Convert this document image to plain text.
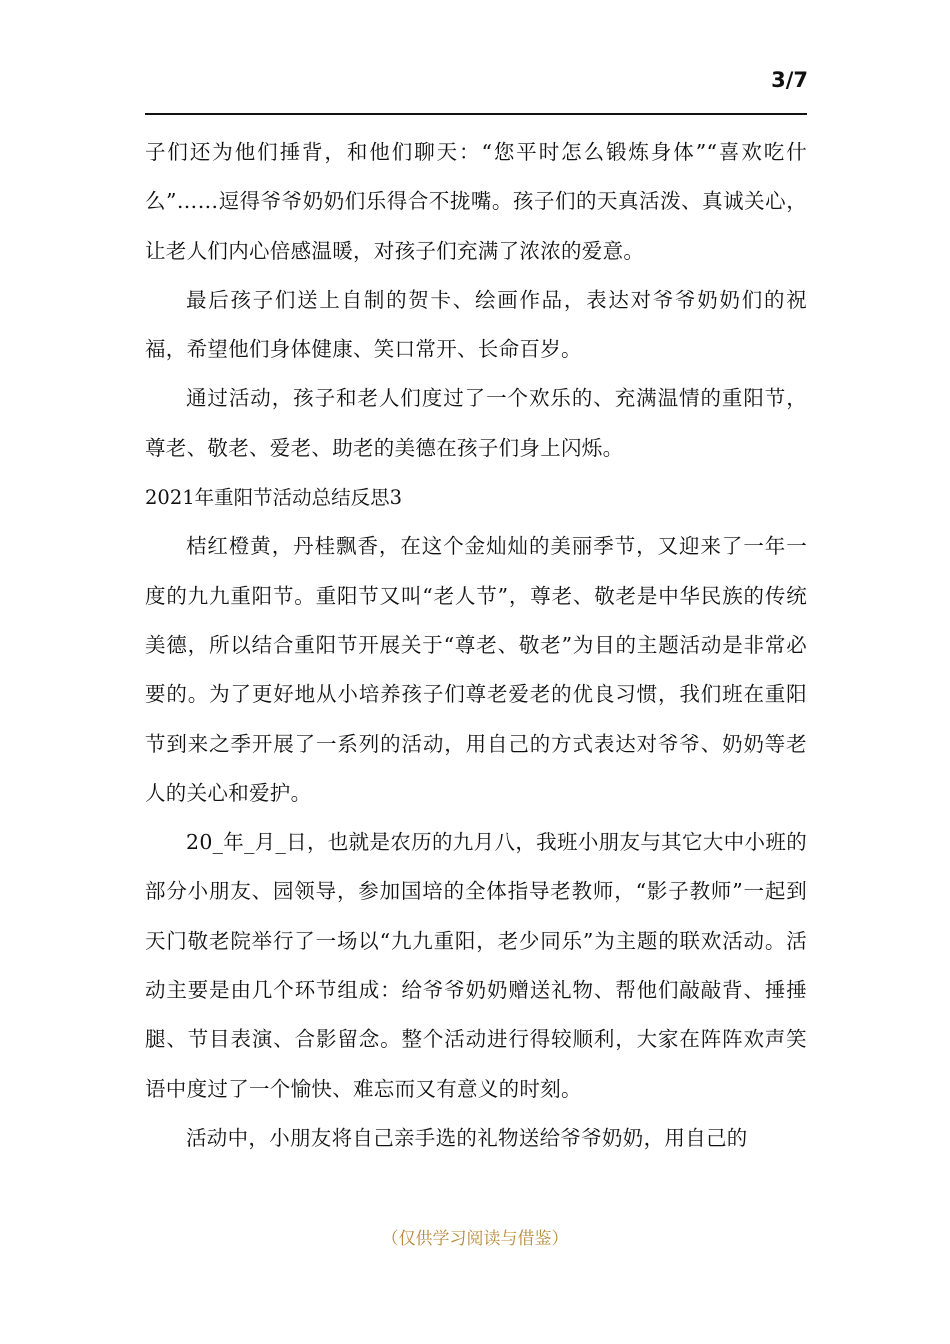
3/7

子们还为他们捶背，和他们聊天：“您平时怎么锻炼身体”“喜欢吃什么”……逗得爷爷奶奶们乐得合不拢嘴。孩子们的天真活泼、真诚关心，让老人们内心倍感温暖，对孩子们充满了浓浓的爱意。

最后孩子们送上自制的贺卡、绘画作品，表达对爷爷奶奶们的祝福，希望他们身体健康、笑口常开、长命百岁。

通过活动，孩子和老人们度过了一个欢乐的、充满温情的重阳节，尊老、敬老、爱老、助老的美德在孩子们身上闪烁。

2021年重阳节活动总结反思3

桔红橙黄，丹桂飘香，在这个金灿灿的美丽季节，又迎来了一年一度的九九重阳节。重阳节又叫“老人节”，尊老、敬老是中华民族的传统美德，所以结合重阳节开展关于“尊老、敬老”为目的主题活动是非常必要的。为了更好地从小培养孩子们尊老爱老的优良习惯，我们班在重阳节到来之季开展了一系列的活动，用自己的方式表达对爷爷、奶奶等老人的关心和爱护。

20_年_月_日，也就是农历的九月八，我班小朋友与其它大中小班的部分小朋友、园领导，参加国培的全体指导老教师，“影子教师”一起到天门敬老院举行了一场以“九九重阳，老少同乐”为主题的联欢活动。活动主要是由几个环节组成：给爷爷奶奶赠送礼物、帮他们敲敲背、捶捶腿、节目表演、合影留念。整个活动进行得较顺利，大家在阵阵欢声笑语中度过了一个愉快、难忘而又有意义的时刻。

活动中，小朋友将自己亲手选的礼物送给爷爷奶奶，用自己的

（仅供学习阅读与借鉴）
